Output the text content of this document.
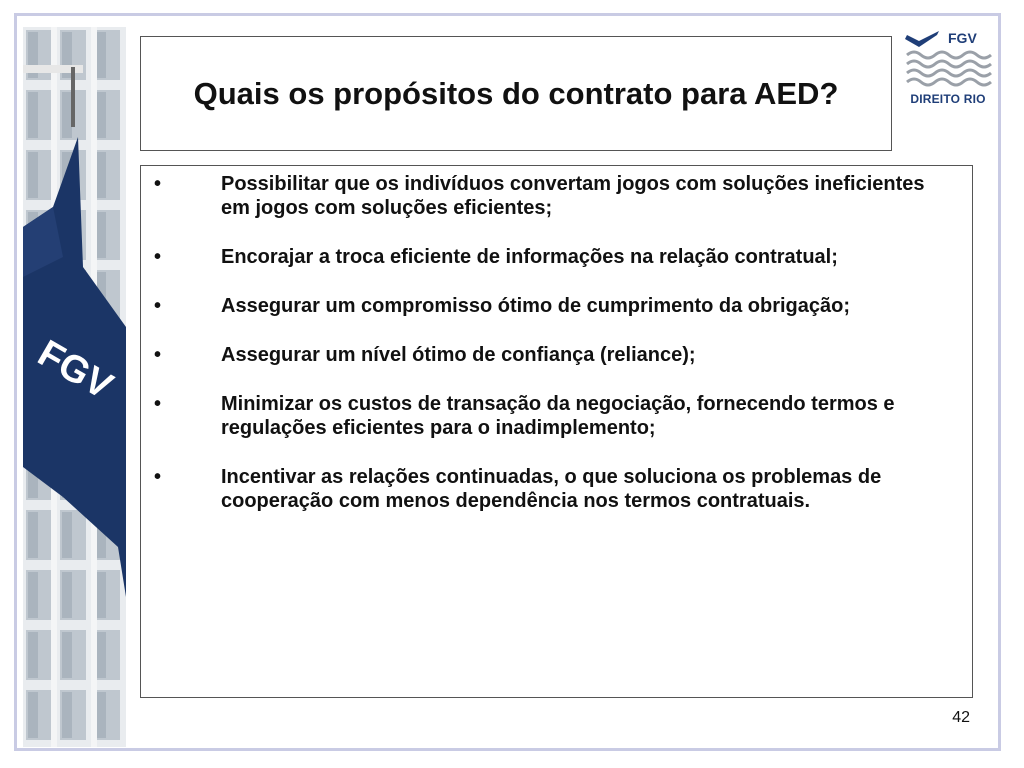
FGV
Quais os propósitos do contrato para AED?
FGV
DIREITO RIO
•	Possibilitar que os indivíduos convertam jogos com soluções ineficientes em jogos com soluções eficientes;
•	Encorajar a troca eficiente de informações na relação contratual;
•	Assegurar um compromisso ótimo de cumprimento da obrigação;
•	Assegurar um nível ótimo de confiança (reliance);
•	Minimizar os custos de transação da negociação, fornecendo termos e regulações eficientes para o inadimplemento;
•	Incentivar as relações continuadas, o que soluciona os problemas de cooperação com menos dependência nos termos contratuais.
42
